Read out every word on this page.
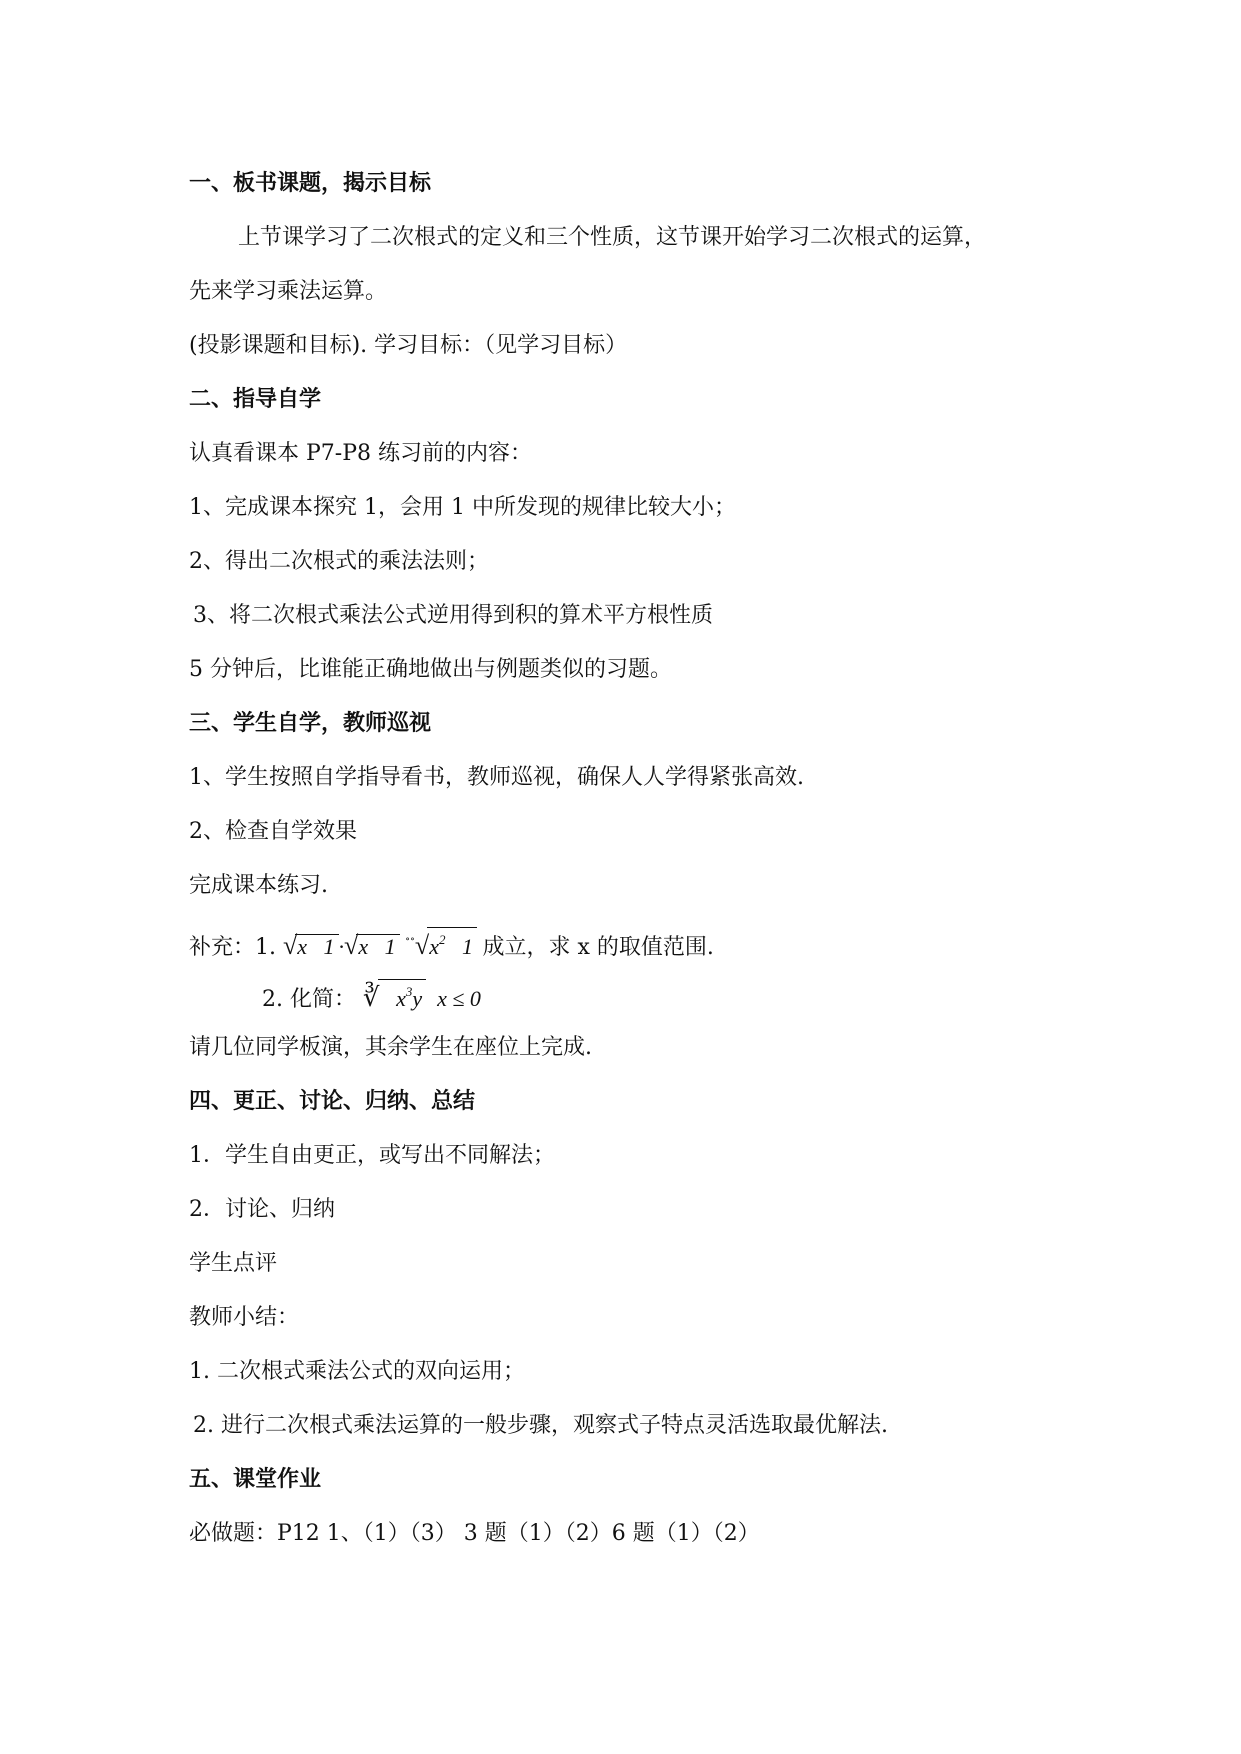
一、板书课题，揭示目标
上节课学习了二次根式的定义和三个性质，这节课开始学习二次根式的运算，
先来学习乘法运算。
(投影课题和目标). 学习目标：（见学习目标）
二、指导自学
认真看课本 P7-P8 练习前的内容：
1、完成课本探究 1，会用 1 中所发现的规律比较大小；
2、得出二次根式的乘法法则；
3、将二次根式乘法公式逆用得到积的算术平方根性质
5 分钟后，比谁能正确地做出与例题类似的习题。
三、学生自学，教师巡视
1、学生按照自学指导看书，教师巡视，确保人人学得紧张高效.
2、检查自学效果
完成课本练习.
补充：1. √x   1 ·√x   1 $^{\circ\circ}√x^2$   1 成立，求 x 的取值范围.
2. 化简： ∛   $x^3y$  x ≤ 0
请几位同学板演，其余学生在座位上完成.
四、更正、讨论、归纳、总结
1．学生自由更正，或写出不同解法；
2．讨论、归纳
学生点评
教师小结：
1. 二次根式乘法公式的双向运用；
2. 进行二次根式乘法运算的一般步骤，观察式子特点灵活选取最优解法.
五、课堂作业
必做题：P12 1、（1）（3） 3 题（1）（2）6 题（1）（2）
